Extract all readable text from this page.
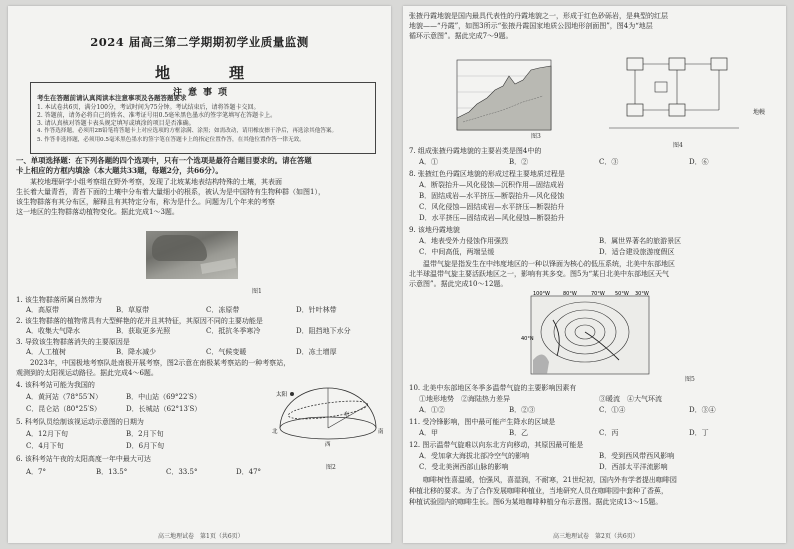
2024 届高三第二学期期初学业质量监测
地　理
注意事项
考生在答题前请认真阅读本注意事项及各题答题要求
1. 本试卷共6页，满分100分，考试时间为75分钟。考试结束后，请将答题卡交回。
2. 答题前，请务必将自己的姓名、准考证号用0.5毫米黑色墨水的签字笔填写在答题卡上。
3. 请认真核对答题卡表头规定填写或填涂的项目是否准确。
4. 作答选择题，必须用2B铅笔将答题卡上对应选项的方框涂满、涂黑；如需改动，请用橡皮擦干净后，再选涂其他答案。
5. 作答非选择题，必须用0.5毫米黑色墨水的签字笔在答题卡上的指定位置作答，在其他位置作答一律无效。
一、单项选择题：在下列各题的四个选项中，只有一个选项是最符合题目要求的。请在答题
卡上相应的方框内填涂（本大题共33题，每题2分，共66分）。
　　某校地理研学小组考察组在野外考察，发现了北坡某地表结构特殊的土壤，其表面
生长着大量青苔，青苔下面的土壤中分布着大量细小的根系，被认为是中国特有生物种群（如图1），
该生物群落有其分布区，解释且有其特定分布，称为是什么。问题为几个年来的考察
这一地区的生物群落动植物变化。据此完成1～3题。
图1
1. 该生物群落所属自然带为
A．高原带	B．草原带	C．冻原带	D．针叶林带
2. 该生物群落的植物常具有大型鲜艳的花并且其特征，其原因不同的主要功能是
A．收集大气降水	B．获取更多光照	C．抵抗冬季寒冷	D．阻挡地下水分
3. 导致该生物群落消失的主要原因是
A．人工植树	B．降水减少	C．气候变暖	D．冻土增厚
　　2023年，中国极地考察队赴南极开展考察，图2示意在南极某考察站的一种考察站，
观测到的太阳视运动路径。据此完成4～6题。
4. 该科考站可能为我国的
A．黄河站（78°55′N）	B．中山站（69°22′S）
C．昆仑站（80°25′S）	D．长城站（62°13′S）
5. 科考队员绘制该视运动示意图的日期为
A．12月下旬	B．2月下旬
C．4月下旬	D．6月下旬
6. 该科考站午夜的太阳高度一年中最大可达
A．7°	B．13.5°	C．33.5°	D．47°
太阳
北	南
西
东
图2
高三地理试卷　第1页（共6页）
张掖丹霞地貌是国内最具代表性的丹霞地貌之一，形成于红色砂砾岩，是典型的红层
地貌——“丹霞”，如图3所示“张掖丹霞国家地质公园地形剖面图”，图4为“地层
循环示意图”。据此完成7～9题。
图3
地幔
图4
7. 组成张掖丹霞地貌的主要岩类是图4中的
A．①	B．②	C．③	D．⑥
8. 张掖红色丹霞区地貌的形成过程主要地质过程是
A．断裂抬升—风化侵蚀—沉积作用—固结成岩
B．固结成岩—水平挤压—断裂抬升—风化侵蚀
C．风化侵蚀—固结成岩—水平挤压—断裂抬升
D．水平挤压—固结成岩—风化侵蚀—断裂抬升
9. 该地丹霞地貌
A．地表受外力侵蚀作用强烈	B．属世界著名的旅游景区
C．中间高低，两端呈缓	D．适合建设旅游度假区
　　温带气旋是指发生在中纬度地区的一种以锋面为核心的低压系统，北美中东部地区
北半球温带气旋主要活跃地区之一，影响有其多变。图5为“某日北美中东部地区天气
示意图”。据此完成10～12题。
100°W	80°W	70°W 50°W 30°W
40°N
图5
10. 北美中东部地区冬季多温带气旋的主要影响因素有
①地形地势　②海陆热力差异	③暖流　④大气环流
A．①②	B．②③	C．①④	D．③④
11. 受冷锋影响，图中最可能产生降水的区域是
A．甲	B．乙	C．丙	D．丁
12. 图示温带气旋难以向东北方向移动，其原因最可能是
A．受加拿大海拔北部冷空气的影响	B．受到西风带西风影响
C．受北美洲西部山脉的影响	D．西部太平洋流影响
　　咖啡树性喜温暖，怕强风，喜湿润，不耐寒，21世纪初，国内外有学者提出咖啡园
种植北移的要求。为了合作发展咖啡种植业，当地研究人员在咖啡园中套种了香蕉，
种植试验园内的咖啡生长。图6为某地咖啡种植分布示意图。据此完成13～15题。
高三地理试卷　第2页（共6页）
